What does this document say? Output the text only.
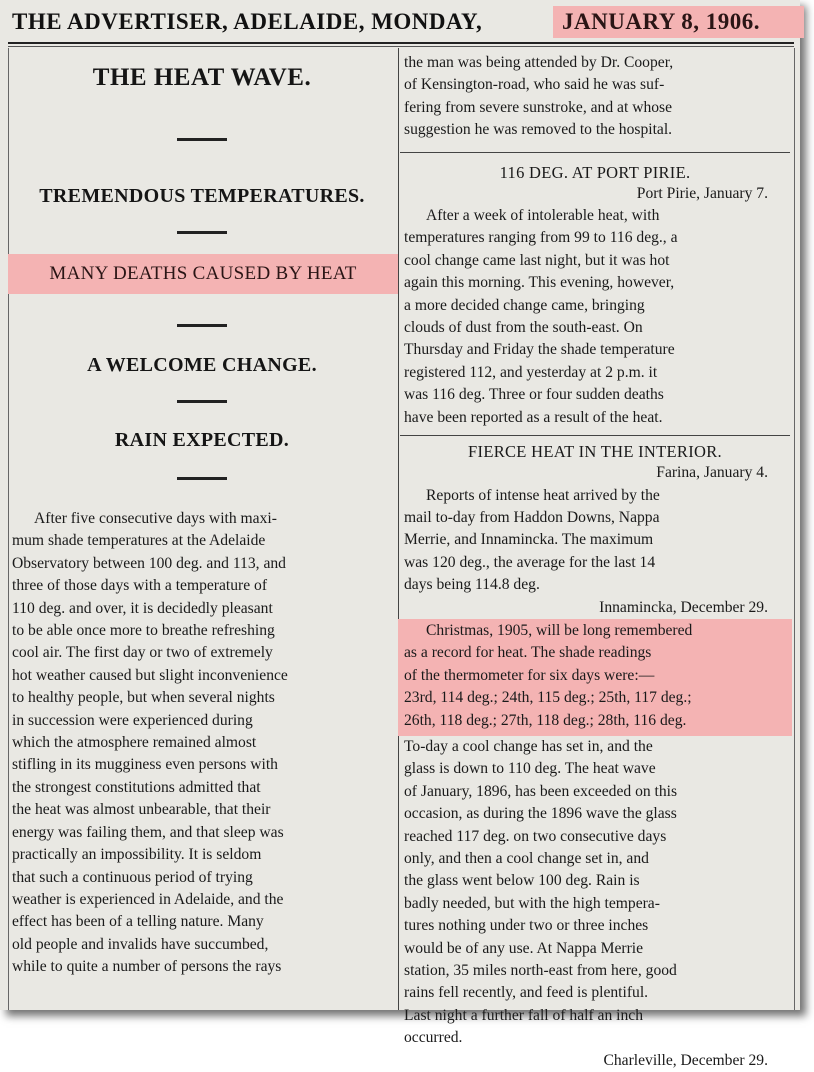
THE ADVERTISER, ADELAIDE, MONDAY,	JANUARY 8, 1906.
THE HEAT WAVE.
TREMENDOUS TEMPERATURES.
MANY DEATHS CAUSED BY HEAT
A WELCOME CHANGE.
RAIN EXPECTED.

After five consecutive days with maxi-

mum shade temperatures at the Adelaide

Observatory between 100 deg. and 113, and

three of those days with a temperature of

110 deg. and over, it is decidedly pleasant

to be able once more to breathe refreshing

cool air. The first day or two of extremely

hot weather caused but slight inconvenience

to healthy people, but when several nights

in succession were experienced during

which the atmosphere remained almost

stifling in its mugginess even persons with

the strongest constitutions admitted that

the heat was almost unbearable, that their

energy was failing them, and that sleep was

practically an impossibility. It is seldom

that such a continuous period of trying

weather is experienced in Adelaide, and the

effect has been of a telling nature. Many

old people and invalids have succumbed,

while to quite a number of persons the rays

the man was being attended by Dr. Cooper,

of Kensington-road, who said he was suf-

fering from severe sunstroke, and at whose

suggestion he was removed to the hospital.

116 DEG. AT PORT PIRIE.

Port Pirie, January 7.

After a week of intolerable heat, with

temperatures ranging from 99 to 116 deg., a

cool change came last night, but it was hot

again this morning. This evening, however,

a more decided change came, bringing

clouds of dust from the south-east. On

Thursday and Friday the shade temperature

registered 112, and yesterday at 2 p.m. it

was 116 deg. Three or four sudden deaths

have been reported as a result of the heat.

FIERCE HEAT IN THE INTERIOR.

Farina, January 4.

Reports of intense heat arrived by the

mail to-day from Haddon Downs, Nappa

Merrie, and Innamincka. The maximum

was 120 deg., the average for the last 14

days being 114.8 deg.

Innamincka, December 29.

Christmas, 1905, will be long remembered

as a record for heat. The shade readings

of the thermometer for six days were:—

23rd, 114 deg.; 24th, 115 deg.; 25th, 117 deg.;

26th, 118 deg.; 27th, 118 deg.; 28th, 116 deg.

To-day a cool change has set in, and the

glass is down to 110 deg. The heat wave

of January, 1896, has been exceeded on this

occasion, as during the 1896 wave the glass

reached 117 deg. on two consecutive days

only, and then a cool change set in, and

the glass went below 100 deg. Rain is

badly needed, but with the high tempera-

tures nothing under two or three inches

would be of any use. At Nappa Merrie

station, 35 miles north-east from here, good

rains fell recently, and feed is plentiful.

Last night a further fall of half an inch

occurred.

Charleville, December 29.
